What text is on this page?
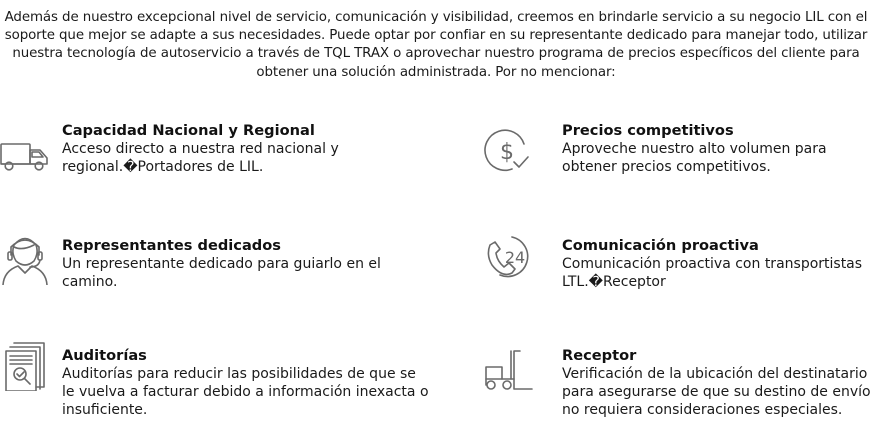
Además de nuestro excepcional nivel de servicio, comunicación y visibilidad, creemos en brindarle servicio a su negocio LIL con el soporte que mejor se adapte a sus necesidades. Puede optar por confiar en su representante dedicado para manejar todo, utilizar nuestra tecnología de autoservicio a través de TQL TRAX o aprovechar nuestro programa de precios específicos del cliente para obtener una solución administrada. Por no mencionar:

Capacidad Nacional y Regional

Acceso directo a nuestra red nacional y regional.�Portadores de LIL.

$
Precios competitivos

Aproveche nuestro alto volumen para obtener precios competitivos.

Representantes dedicados

Un representante dedicado para guiarlo en el camino.

24
Comunicación proactiva

Comunicación proactiva con transportistas LTL.�Receptor

Auditorías

Auditorías para reducir las posibilidades de que se le vuelva a facturar debido a información inexacta o insuficiente.

Receptor

Verificación de la ubicación del destinatario para asegurarse de que su destino de envío no requiera consideraciones especiales.
